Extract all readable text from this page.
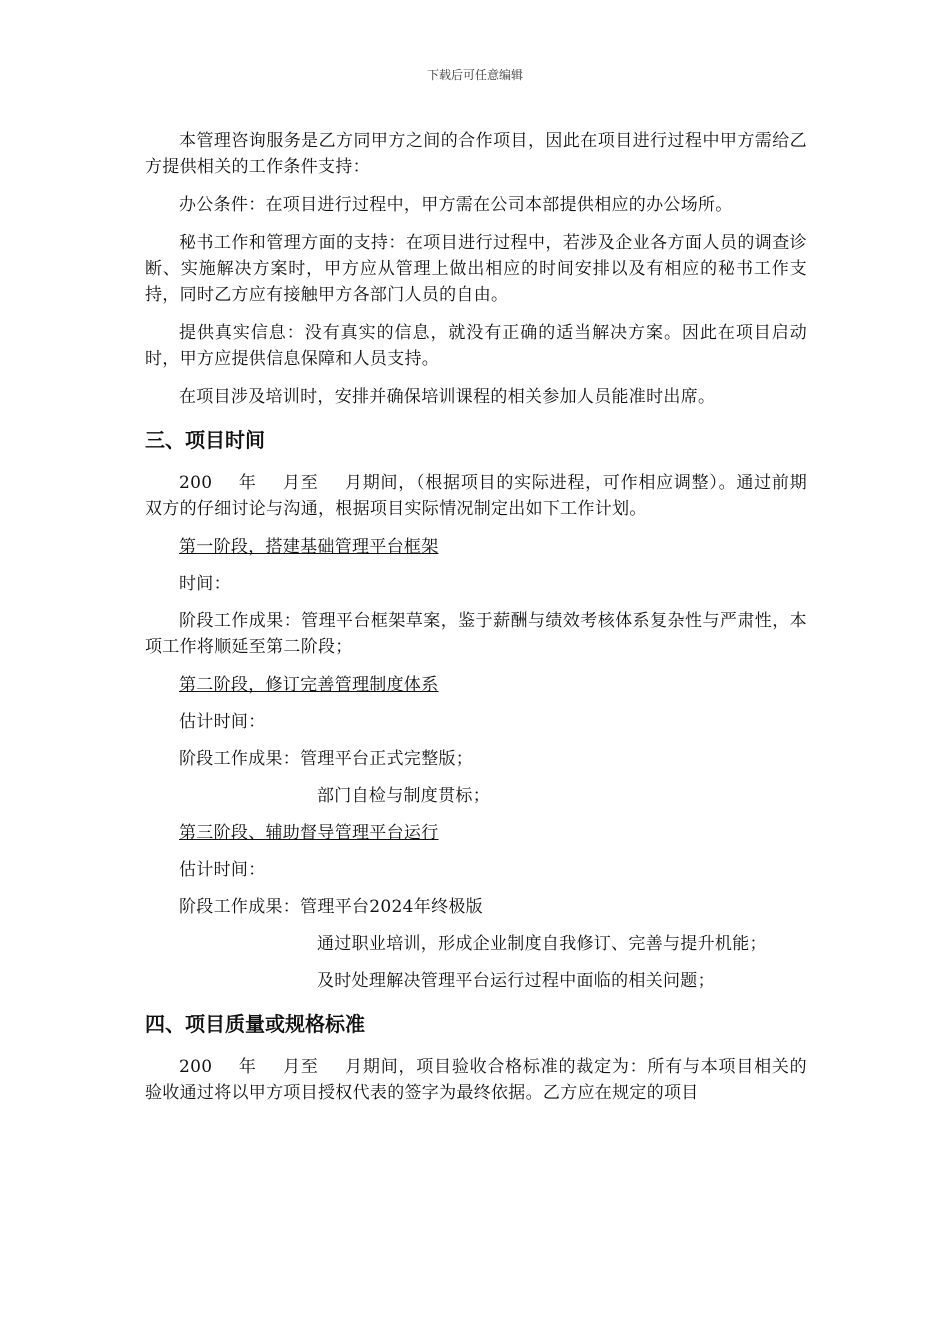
下载后可任意编辑

本管理咨询服务是乙方同甲方之间的合作项目，因此在项目进行过程中甲方需给乙方提供相关的工作条件支持：

办公条件：在项目进行过程中，甲方需在公司本部提供相应的办公场所。

秘书工作和管理方面的支持：在项目进行过程中，若涉及企业各方面人员的调查诊断、实施解决方案时，甲方应从管理上做出相应的时间安排以及有相应的秘书工作支持，同时乙方应有接触甲方各部门人员的自由。

提供真实信息：没有真实的信息，就没有正确的适当解决方案。因此在项目启动时，甲方应提供信息保障和人员支持。

在项目涉及培训时，安排并确保培训课程的相关参加人员能准时出席。

三、项目时间

200 年 月至 月期间，（根据项目的实际进程，可作相应调整）。通过前期双方的仔细讨论与沟通，根据项目实际情况制定出如下工作计划。

第一阶段，搭建基础管理平台框架
时间：

阶段工作成果：管理平台框架草案，鉴于薪酬与绩效考核体系复杂性与严肃性，本项工作将顺延至第二阶段；

第二阶段，修订完善管理制度体系
估计时间：
阶段工作成果：管理平台正式完整版；
部门自检与制度贯标；
第三阶段、辅助督导管理平台运行
估计时间：
阶段工作成果：管理平台2024年终极版
通过职业培训，形成企业制度自我修订、完善与提升机能；
及时处理解决管理平台运行过程中面临的相关问题；
四、项目质量或规格标准

200 年 月至 月期间，项目验收合格标准的裁定为：所有与本项目相关的验收通过将以甲方项目授权代表的签字为最终依据。乙方应在规定的项目
